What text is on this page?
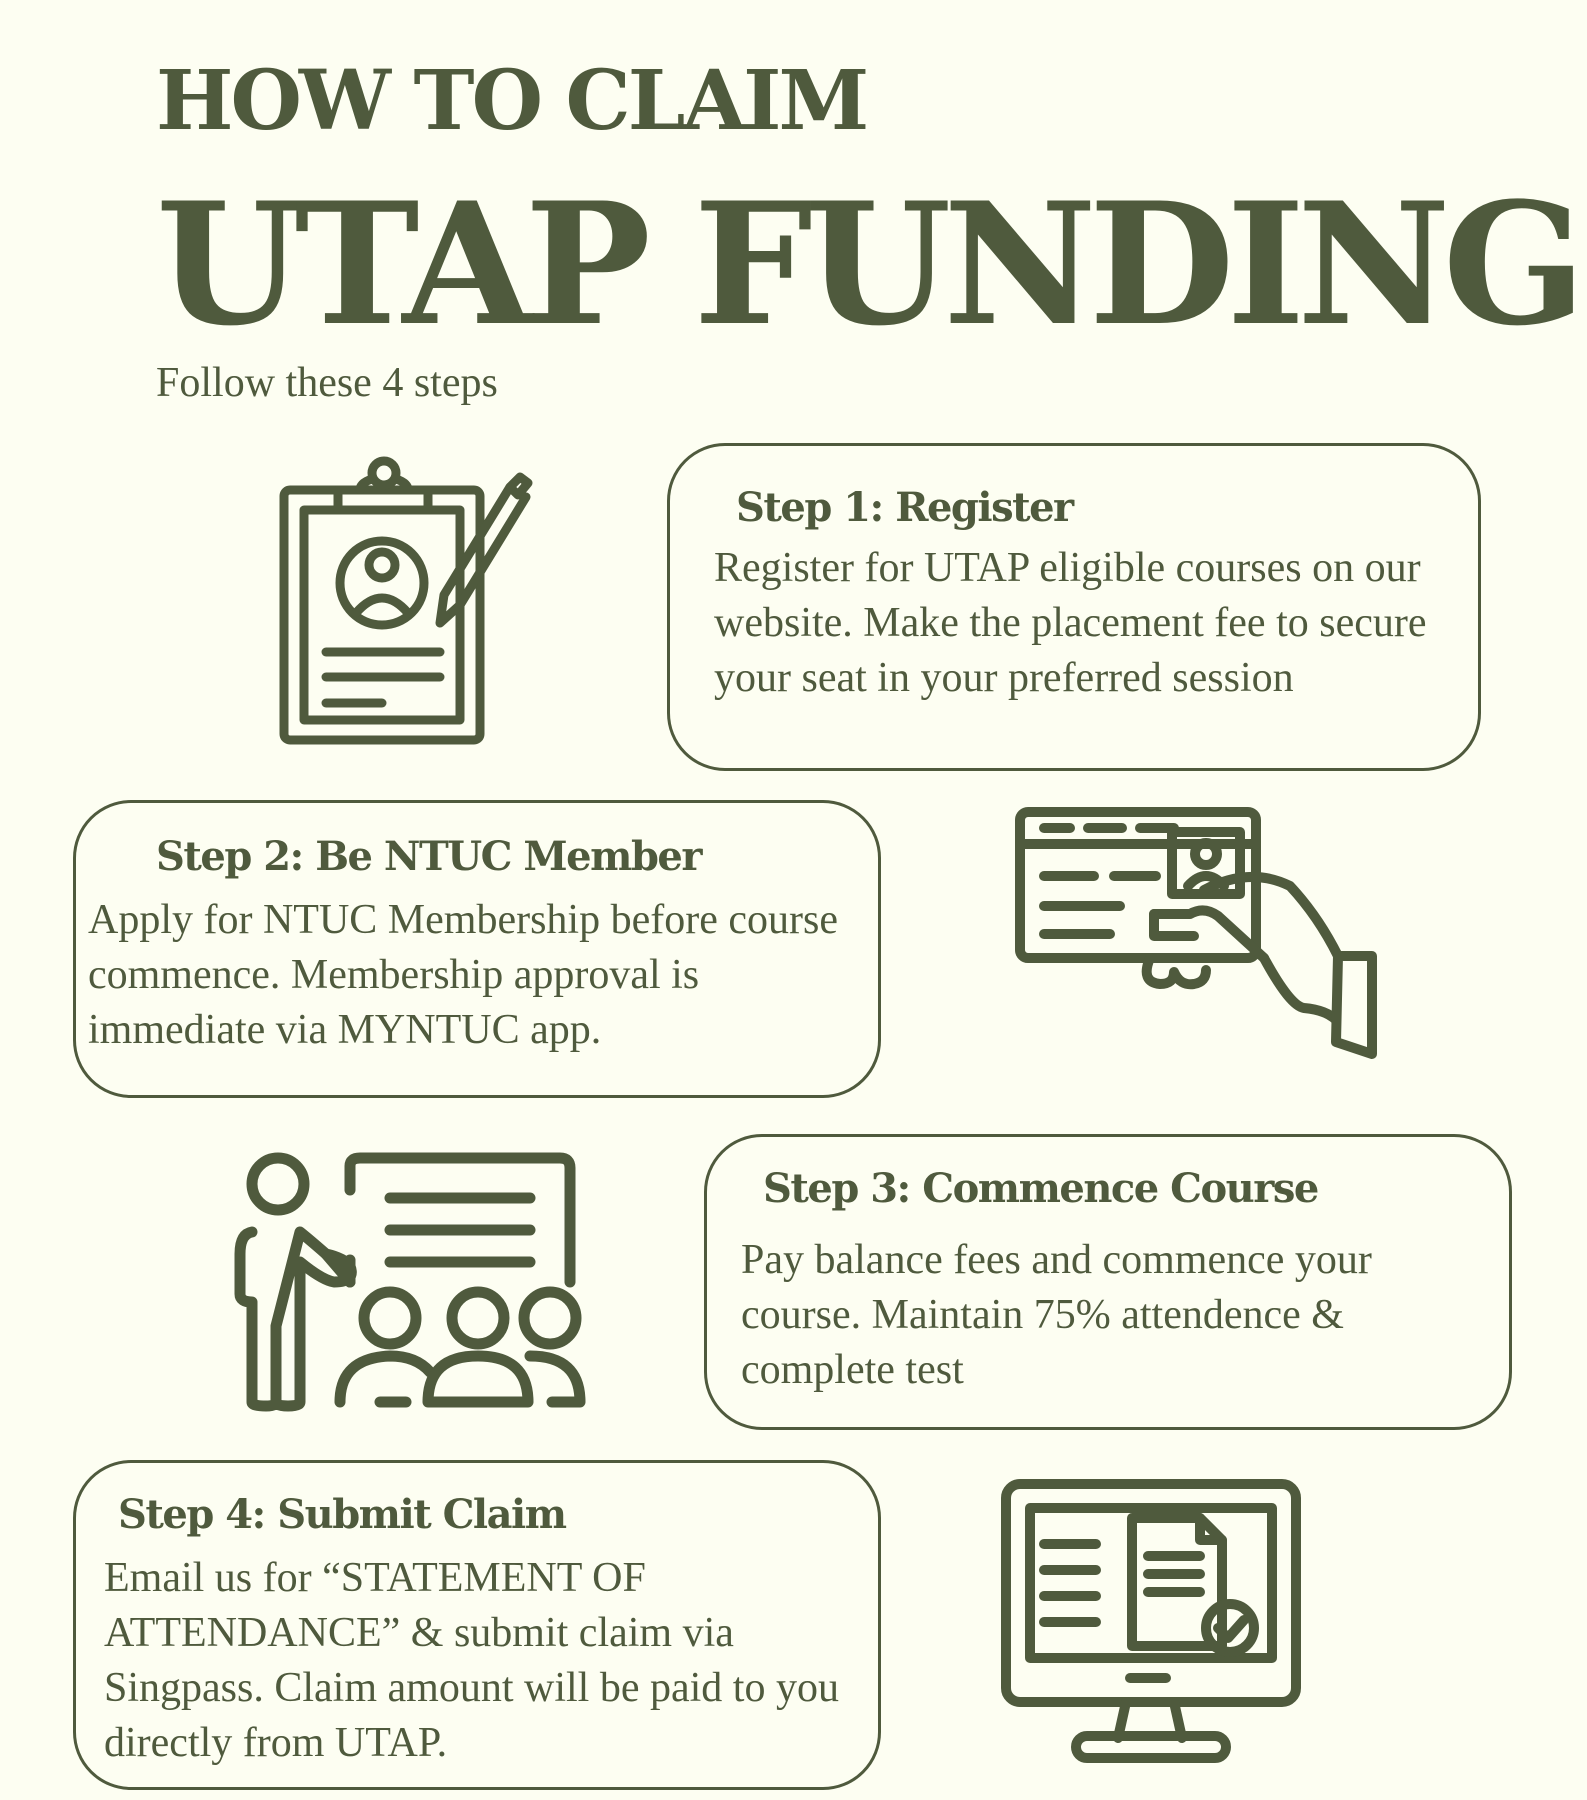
HOW TO CLAIM
UTAP FUNDING
Follow these 4 steps
Step 1: Register
Register for UTAP eligible courses on our website. Make the placement fee to secure your seat in your preferred session
Step 2: Be NTUC Member
Apply for NTUC Membership before course commence. Membership approval is immediate via MYNTUC app.
Step 3: Commence Course
Pay balance fees and commence your course. Maintain 75% attendence & complete test
Step 4: Submit Claim
Email us for “STATEMENT OF ATTENDANCE” & submit claim via Singpass. Claim amount will be paid to you directly from UTAP.
